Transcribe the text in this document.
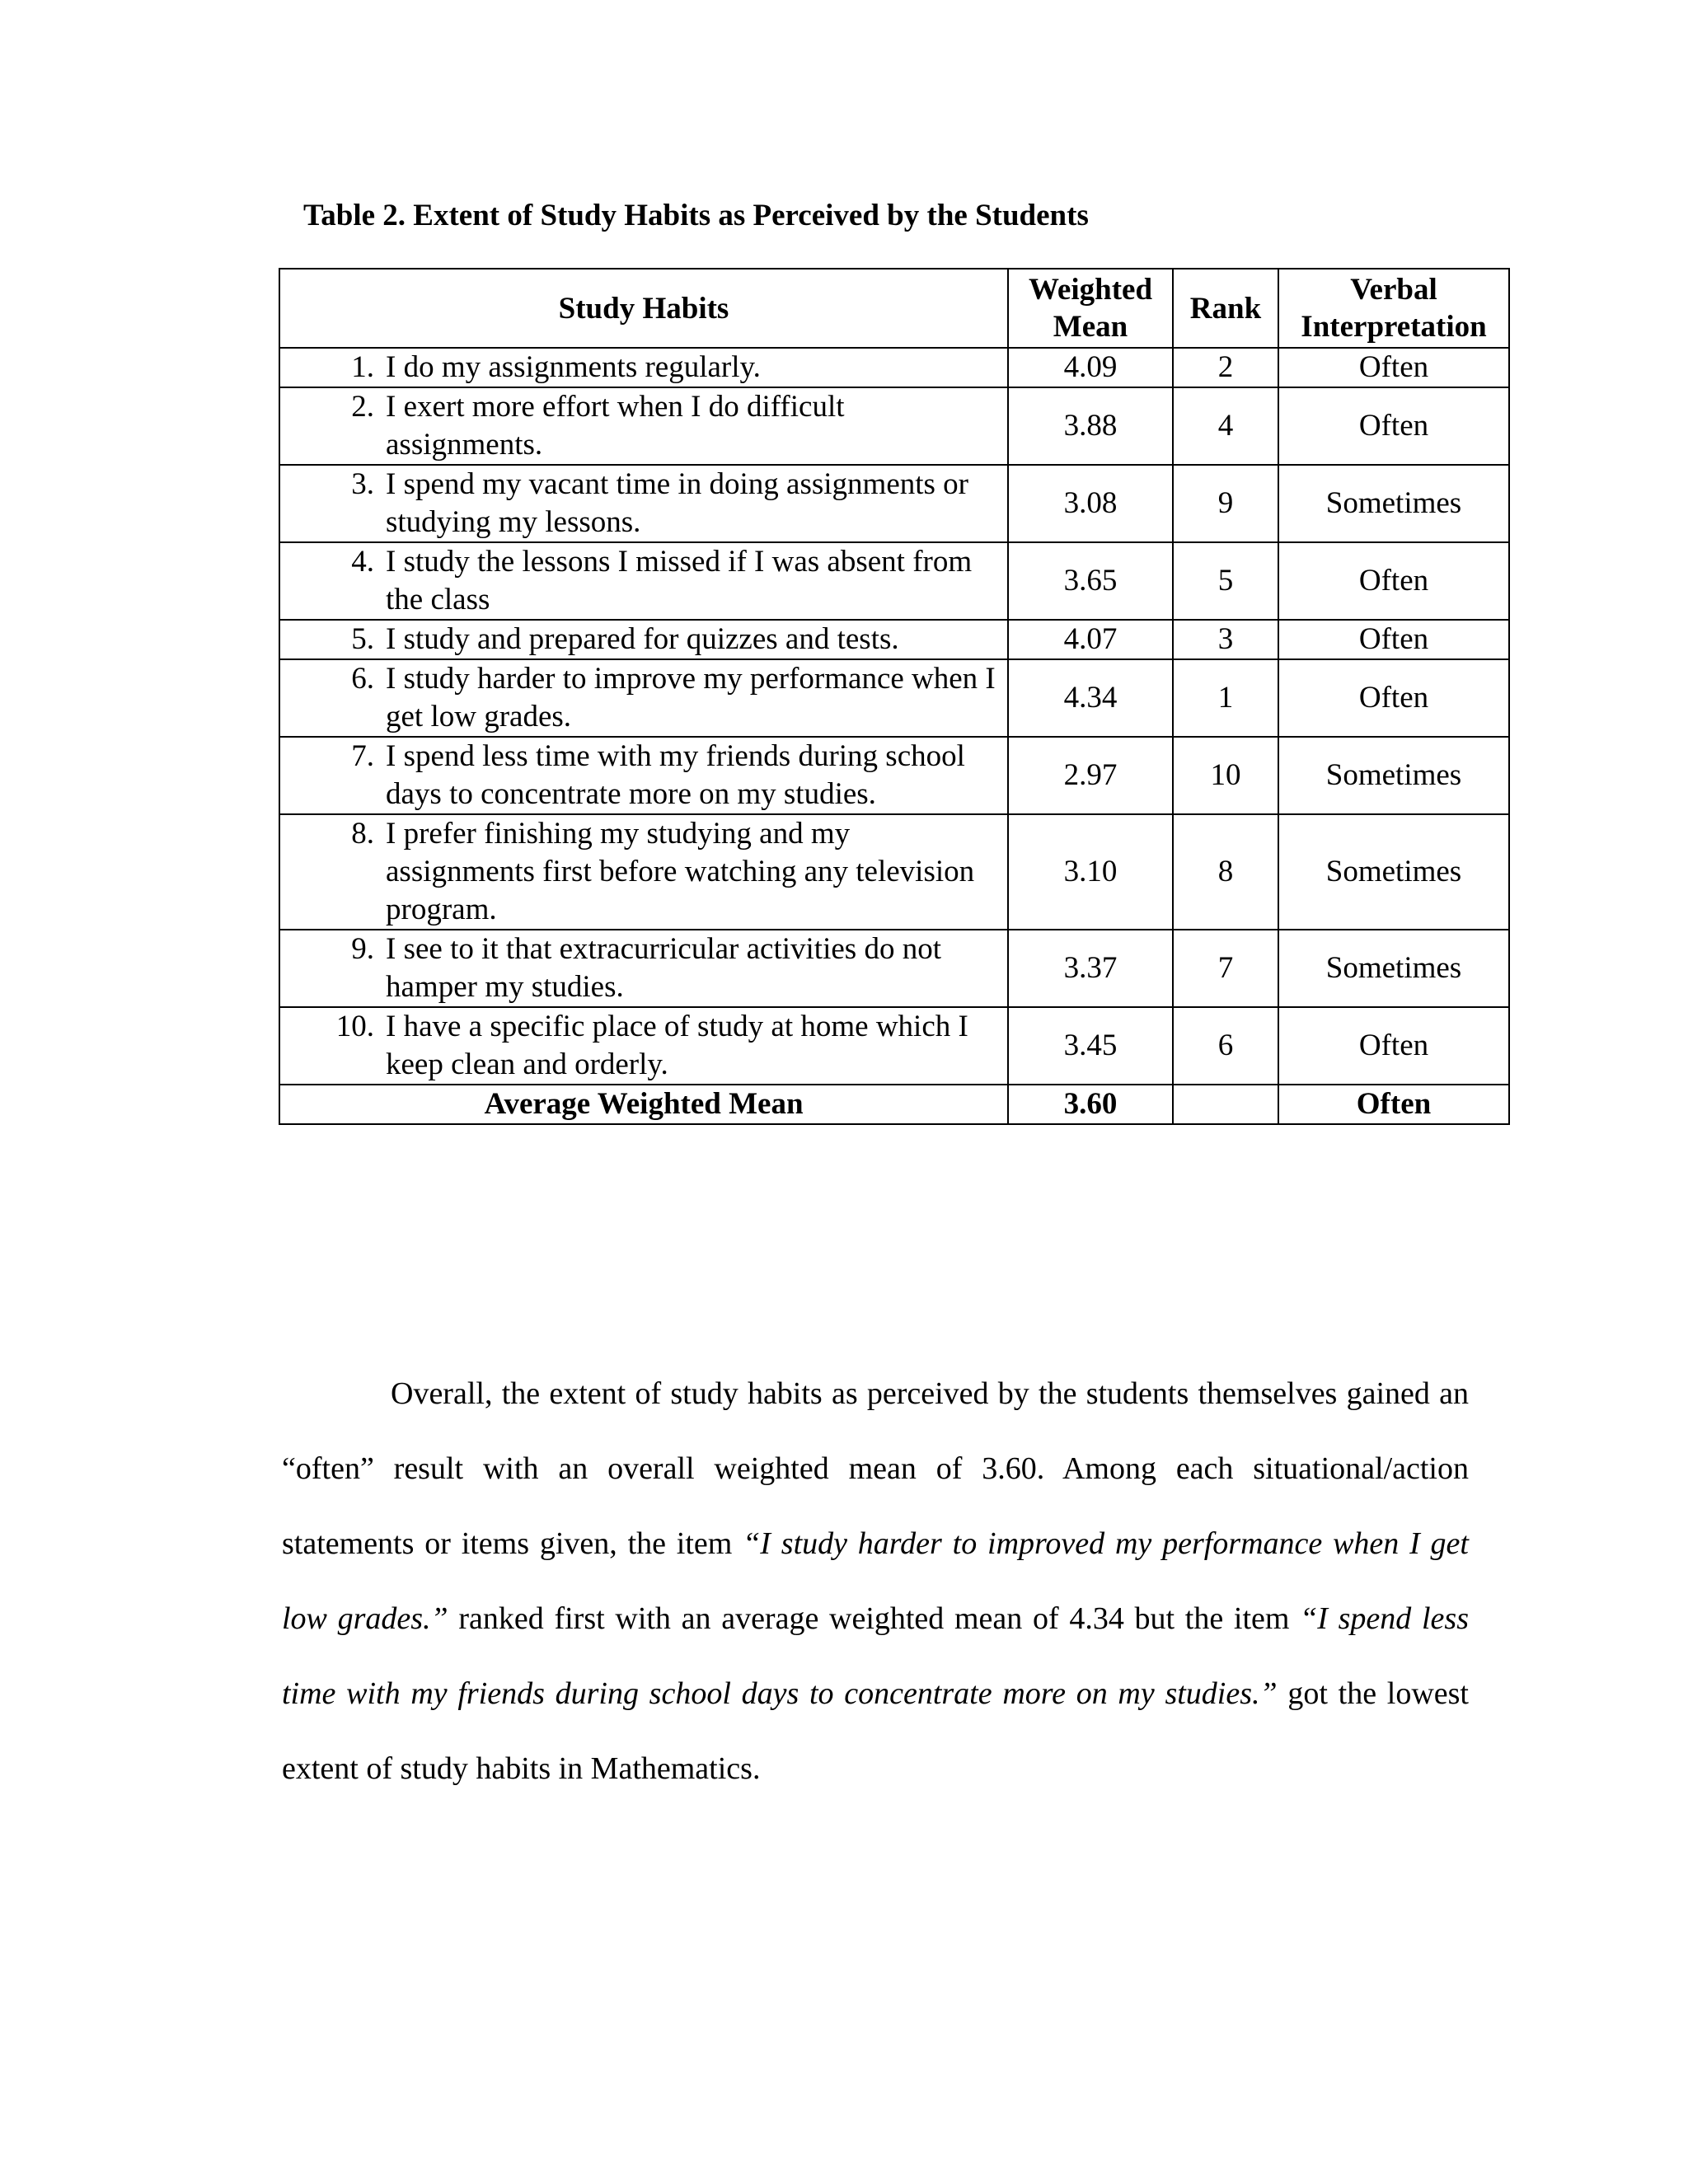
Table 2. Extent of Study Habits as Perceived by the Students
Study Habits	Weighted Mean	Rank	Verbal Interpretation

1. I do my assignments regularly.	4.09	2	Often

2. I exert more effort when I do difficult assignments.	3.88	4	Often

3. I spend my vacant time in doing assignments or studying my lessons.	3.08	9	Sometimes

4. I study the lessons I missed if I was absent from the class	3.65	5	Often

5. I study and prepared for quizzes and tests.	4.07	3	Often

6. I study harder to improve my performance when I get low grades.	4.34	1	Often

7. I spend less time with my friends during school days to concentrate more on my studies.	2.97	10	Sometimes

8. I prefer finishing my studying and my assignments first before watching any television program.	3.10	8	Sometimes

9. I see to it that extracurricular activities do not hamper my studies.	3.37	7	Sometimes

10. I have a specific place of study at home which I keep clean and orderly.	3.45	6	Often
Average Weighted Mean	3.60		Often

Overall, the extent of study habits as perceived by the students themselves gained an “often” result with an overall weighted mean of 3.60. Among each situational/action statements or items given, the item “I study harder to improved my performance when I get low grades.” ranked first with an average weighted mean of 4.34 but the item “I spend less time with my friends during school days to concentrate more on my studies.” got the lowest extent of study habits in Mathematics.
